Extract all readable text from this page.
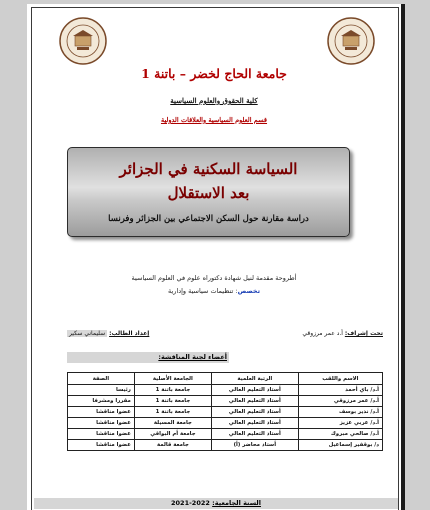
جامعة الحاج لخضر – باتنة 1
كلية الحقوق والعلوم السياسية
قسم العلوم السياسية والعلاقات الدولية
السياسة السكنية في الجزائر
بعد الاستقلال
دراسة مقارنة حول السكن الاجتماعي بين الجزائر وفرنسا
أطروحة مقدمة لنيل شهادة دكتوراه علوم في العلوم السياسية
تخصص: تنظيمات سياسية وإدارية
تحت إشراف: أ.د عمر مرزوقي
إعداد الطالب: سليماني سكير
أعضاء لجنة المناقشة:
الاسم واللقب	الرتبة العلمية	الجامعة الأصلية	الصفة
أ.د/ باي أحمد	أستاذ التعليم العالي	جامعة باتنة 1	رئيسا
أ.د/ عمر مرزوقي	أستاذ التعليم العالي	جامعة باتنة 1	مقررا ومشرفا
أ.د/ نذير بوسف	أستاذ التعليم العالي	جامعة باتنة 1	عضوا مناقشا
أ.د/ عربي عزيز	أستاذ التعليم العالي	جامعة المسيلة	عضوا مناقشا
أ.د/ صالحي مبروك	أستاذ التعليم العالي	جامعة أم البواقي	عضوا مناقشا
د/ بوقفير إسماعيل	أستاذ محاضر (أ)	جامعة قالمة	عضوا مناقشا
السنة الجامعية: 2022-2021
